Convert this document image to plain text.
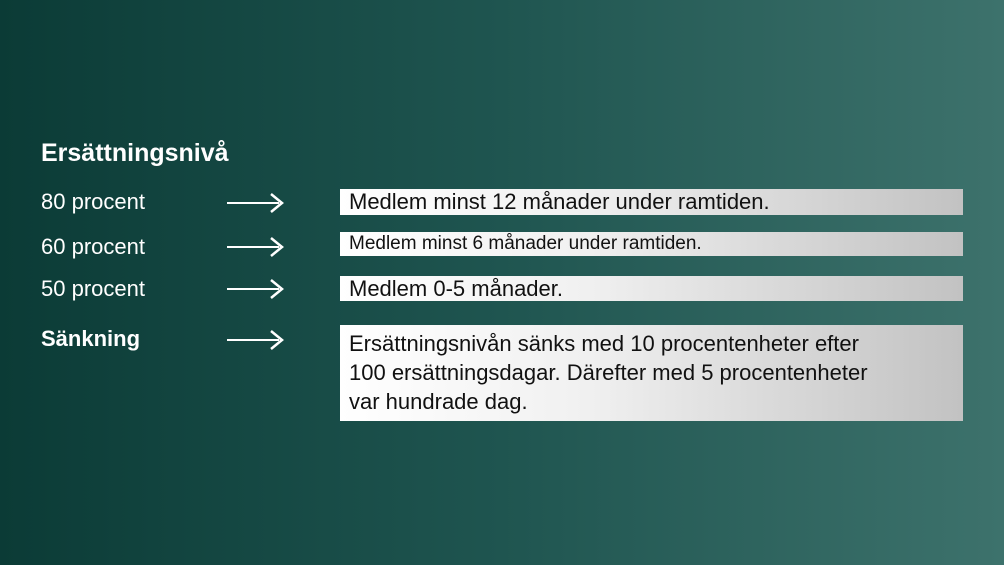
Ersättningsnivå
80 procent	Medlem minst 12 månader under ramtiden.
60 procent	Medlem minst 6 månader under ramtiden.
50 procent	Medlem 0-5 månader.
Sänkning	Ersättningsnivån sänks med 10 procentenheter efter
100 ersättningsdagar. Därefter med 5 procentenheter
var hundrade dag.
